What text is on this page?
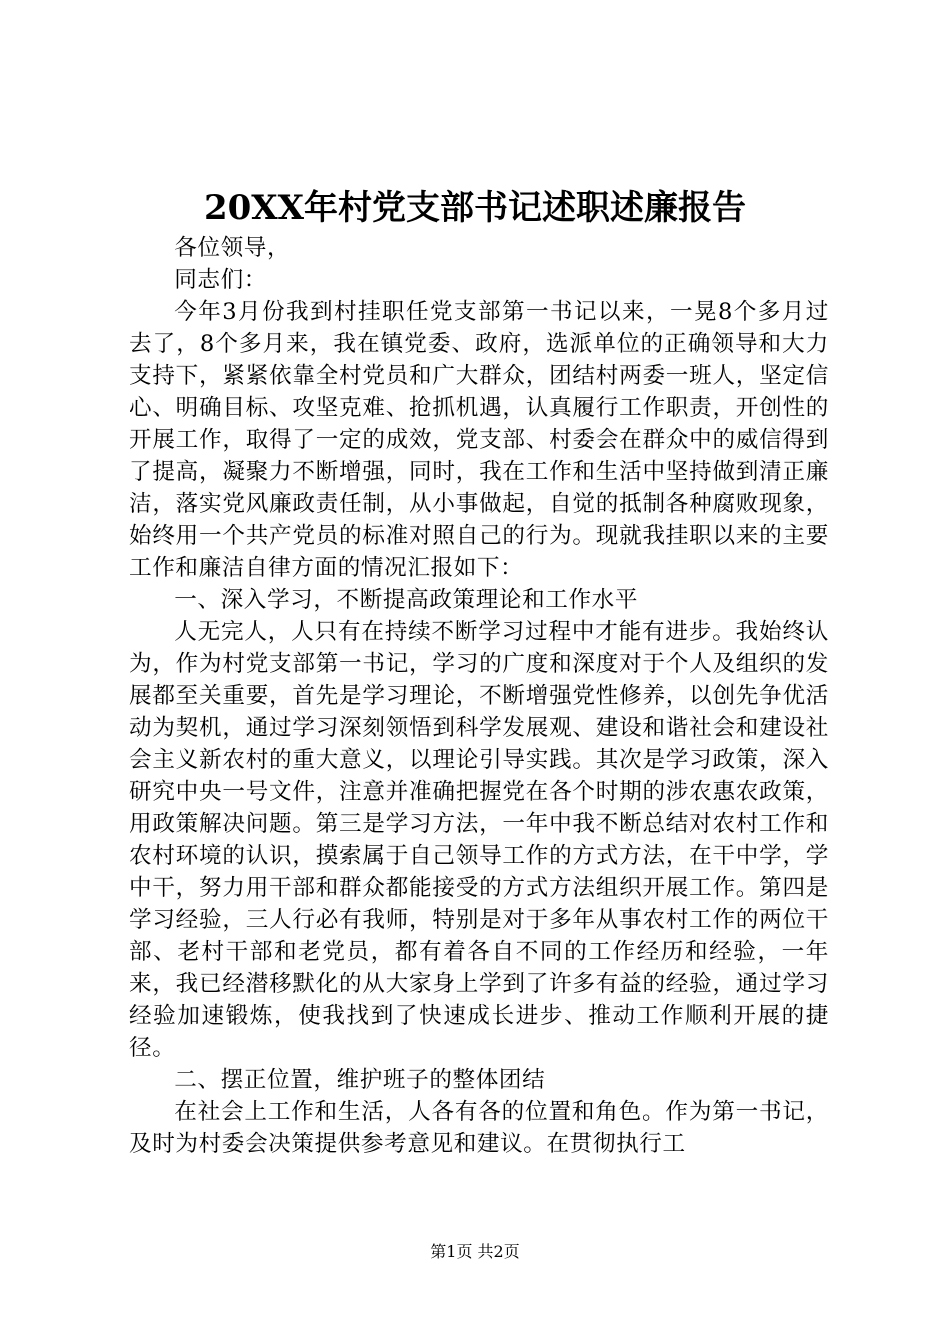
20XX年村党支部书记述职述廉报告

各位领导，

同志们：

今年3月份我到村挂职任党支部第一书记以来，一晃8个多月过去了，8个多月来，我在镇党委、政府，选派单位的正确领导和大力支持下，紧紧依靠全村党员和广大群众，团结村两委一班人，坚定信心、明确目标、攻坚克难、抢抓机遇，认真履行工作职责，开创性的开展工作，取得了一定的成效，党支部、村委会在群众中的威信得到了提高，凝聚力不断增强，同时，我在工作和生活中坚持做到清正廉洁，落实党风廉政责任制，从小事做起，自觉的抵制各种腐败现象，始终用一个共产党员的标准对照自己的行为。现就我挂职以来的主要工作和廉洁自律方面的情况汇报如下：

一、深入学习，不断提高政策理论和工作水平

人无完人，人只有在持续不断学习过程中才能有进步。我始终认为，作为村党支部第一书记，学习的广度和深度对于个人及组织的发展都至关重要，首先是学习理论，不断增强党性修养，以创先争优活动为契机，通过学习深刻领悟到科学发展观、建设和谐社会和建设社会主义新农村的重大意义，以理论引导实践。其次是学习政策，深入研究中央一号文件，注意并准确把握党在各个时期的涉农惠农政策，用政策解决问题。第三是学习方法，一年中我不断总结对农村工作和农村环境的认识，摸索属于自己领导工作的方式方法，在干中学，学中干，努力用干部和群众都能接受的方式方法组织开展工作。第四是学习经验，三人行必有我师，特别是对于多年从事农村工作的两位干部、老村干部和老党员，都有着各自不同的工作经历和经验，一年来，我已经潜移默化的从大家身上学到了许多有益的经验，通过学习经验加速锻炼，使我找到了快速成长进步、推动工作顺利开展的捷径。

二、摆正位置，维护班子的整体团结

在社会上工作和生活，人各有各的位置和角色。作为第一书记，及时为村委会决策提供参考意见和建议。在贯彻执行工

第1页 共2页
